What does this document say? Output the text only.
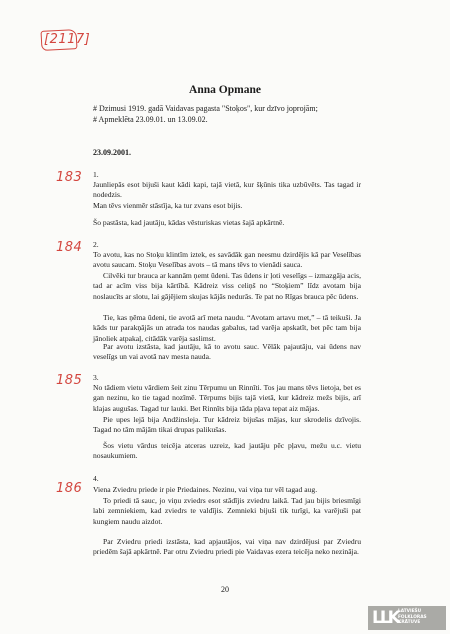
[2117]
Anna Opmane
# Dzimusi 1919. gadā Vaidavas pagasta "Stoķos", kur dzīvo joprojām;
# Apmeklēta 23.09.01. un 13.09.02.
23.09.2001.
183 1.
Jaunliepās esot bijuši kaut kādi kapi, tajā vietā, kur šķūnis tika uzbūvēts. Tas tagad ir nodedzis.
Man tēvs vienmēr stāstīja, ka tur zvans esot bijis.
Šo pastāsta, kad jautāju, kādas vēsturiskas vietas šajā apkārtnē.
184 2.
To avotu, kas no Stoķu klintīm iztek, es savādāk gan neesmu dzirdējis kā par Veselības avotu saucam. Stoķu Veselības avots – tā mans tēvs to vienādi sauca.
Cilvēki tur brauca ar kannām ņemt ūdeni. Tas ūdens ir ļoti veselīgs – izmazgāja acis, tad ar acīm viss bija kārtībā. Kādreiz viss celiņš no “Stoķiem” līdz avotam bija noslaucīts ar slotu, lai gājējiem skujas kājās nedurās. Te pat no Rīgas brauca pēc ūdens.
Tie, kas ņēma ūdeni, tie avotā arī meta naudu. “Avotam artavu met,” – tā teikuši. Ja kāds tur parakņājās un atrada tos naudas gabalus, tad varēja apskatīt, bet pēc tam bija jānoliek atpakaļ, citādāk varēja saslimst.
Par avotu izstāsta, kad jautāju, kā to avotu sauc. Vēlāk pajautāju, vai ūdens nav veselīgs un vai avotā nav mesta nauda.
185 3.
No tādiem vietu vārdiem šeit zinu Tērpumu un Rinnīti. Tos jau mans tēvs lietoja, bet es gan nezinu, ko tie tagad nozīmē. Tērpums bijis tajā vietā, kur kādreiz mežs bijis, arī klajas augušas. Tagad tur lauki. Bet Rinnīts bija tāda pļava tepat aiz mājas.
Pie upes lejā bija Andžinsleja. Tur kādreiz bijušas mājas, kur skrodelis dzīvojis. Tagad no tām mājām tikai drupas palikušas.
Šos vietu vārdus teicēja atceras uzreiz, kad jautāju pēc pļavu, mežu u.c. vietu nosaukumiem.
186
4.
Viena Zviedru priede ir pie Priedaines. Nezinu, vai viņa tur vēl tagad aug.
To priedi tā sauc, jo viņu zviedrs esot stādījis zviedru laikā. Tad jau bijis briesmīgi labi zemniekiem, kad zviedrs te valdījis. Zemnieki bijuši tik turīgi, ka varējuši pat kungiem naudu aizdot.
Par Zviedru priedi izstāsta, kad apjautājos, vai viņa nav dzirdējusi par Zviedru priedēm šajā apkārtnē. Par otru Zviedru priedi pie Vaidavas ezera teicēja neko nezināja.
20
LLK LATVIEŠU
FOLKLORAS
KRĀTUVE
